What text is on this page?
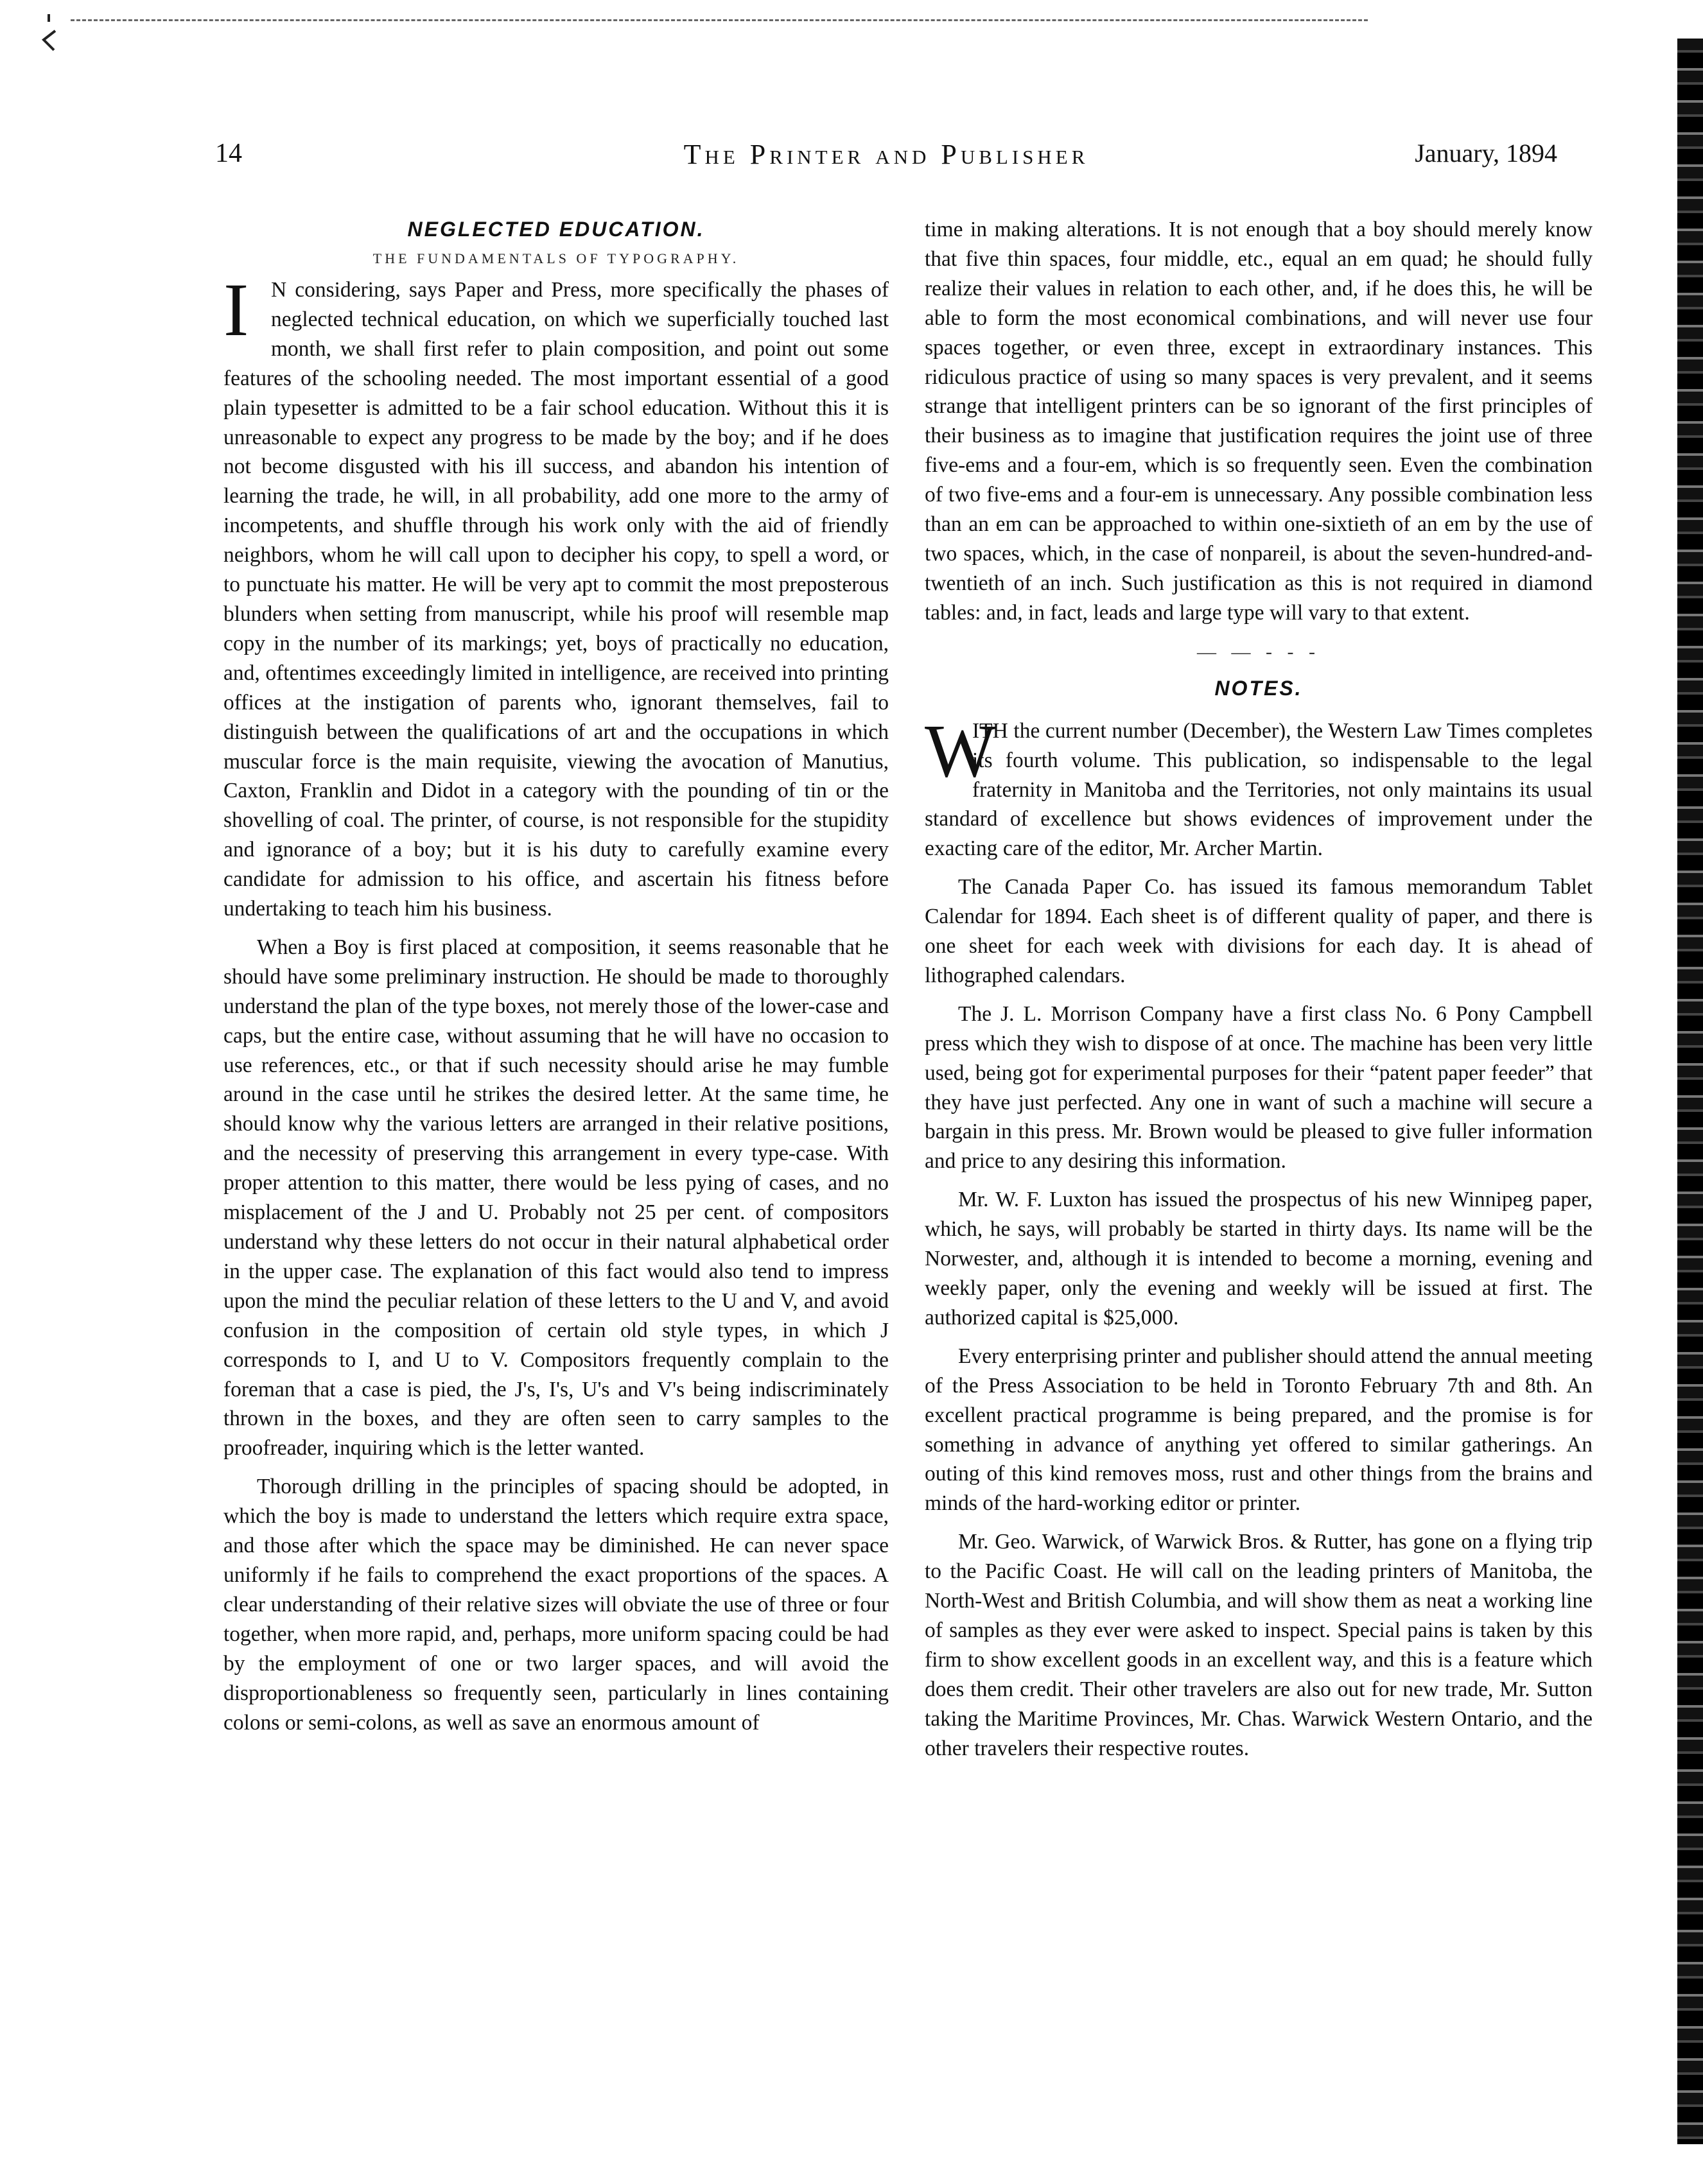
14	The Printer and Publisher	January, 1894
NEGLECTED EDUCATION.
THE FUNDAMENTALS OF TYPOGRAPHY.

I	N considering, says Paper and Press, more specifically the phases of neglected technical education, on which we superficially touched last month, we shall first refer to plain composition, and point out some features of the schooling needed. The most important essential of a good plain typesetter is admitted to be a fair school education. Without this it is unreasonable to expect any progress to be made by the boy; and if he does not become disgusted with his ill success, and abandon his intention of learning the trade, he will, in all probability, add one more to the army of incompetents, and shuffle through his work only with the aid of friendly neighbors, whom he will call upon to decipher his copy, to spell a word, or to punctuate his matter. He will be very apt to commit the most preposterous blunders when setting from manuscript, while his proof will resemble map copy in the number of its markings; yet, boys of practically no education, and, oftentimes exceedingly limited in intelligence, are received into printing offices at the instigation of parents who, ignorant themselves, fail to distinguish between the qualifications of art and the occupations in which muscular force is the main requisite, viewing the avocation of Manutius, Caxton, Franklin and Didot in a category with the pounding of tin or the shovelling of coal. The printer, of course, is not responsible for the stupidity and ignorance of a boy; but it is his duty to carefully examine every candidate for admission to his office, and ascertain his fitness before undertaking to teach him his business.

When a Boy is first placed at composition, it seems reasonable that he should have some preliminary instruction. He should be made to thoroughly understand the plan of the type boxes, not merely those of the lower-case and caps, but the entire case, without assuming that he will have no occasion to use references, etc., or that if such necessity should arise he may fumble around in the case until he strikes the desired letter. At the same time, he should know why the various letters are arranged in their relative positions, and the necessity of preserving this arrangement in every type-case. With proper attention to this matter, there would be less pying of cases, and no misplacement of the J and U. Probably not 25 per cent. of compositors understand why these letters do not occur in their natural alphabetical order in the upper case. The explanation of this fact would also tend to impress upon the mind the peculiar relation of these letters to the U and V, and avoid confusion in the composition of certain old style types, in which J corresponds to I, and U to V. Compositors frequently complain to the foreman that a case is pied, the J's, I's, U's and V's being indiscriminately thrown in the boxes, and they are often seen to carry samples to the proofreader, inquiring which is the letter wanted.

Thorough drilling in the principles of spacing should be adopted, in which the boy is made to understand the letters which require extra space, and those after which the space may be diminished. He can never space uniformly if he fails to comprehend the exact proportions of the spaces. A clear understanding of their relative sizes will obviate the use of three or four together, when more rapid, and, perhaps, more uniform spacing could be had by the employment of one or two larger spaces, and will avoid the disproportionableness so frequently seen, particularly in lines containing colons or semi-colons, as well as save an enormous amount of

time in making alterations. It is not enough that a boy should merely know that five thin spaces, four middle, etc., equal an em quad; he should fully realize their values in relation to each other, and, if he does this, he will be able to form the most economical combinations, and will never use four spaces together, or even three, except in extraordinary instances. This ridiculous practice of using so many spaces is very prevalent, and it seems strange that intelligent printers can be so ignorant of the first principles of their business as to imagine that justification requires the joint use of three five-ems and a four-em, which is so frequently seen. Even the combination of two five-ems and a four-em is unnecessary. Any possible combination less than an em can be approached to within one-sixtieth of an em by the use of two spaces, which, in the case of nonpareil, is about the seven-hundred-and-twentieth of an inch. Such justification as this is not required in diamond tables: and, in fact, leads and large type will vary to that extent.

— — - - -
NOTES.

W
ITH the current number (December), the Western Law Times completes its fourth volume. This publication, so indispensable to the legal fraternity in Manitoba and the Territories, not only maintains its usual standard of excellence but shows evidences of improvement under the exacting care of the editor, Mr. Archer Martin.

The Canada Paper Co. has issued its famous memorandum Tablet Calendar for 1894. Each sheet is of different quality of paper, and there is one sheet for each week with divisions for each day. It is ahead of lithographed calendars.

The J. L. Morrison Company have a first class No. 6 Pony Campbell press which they wish to dispose of at once. The machine has been very little used, being got for experimental purposes for their “patent paper feeder” that they have just perfected. Any one in want of such a machine will secure a bargain in this press. Mr. Brown would be pleased to give fuller information and price to any desiring this information.

Mr. W. F. Luxton has issued the prospectus of his new Winnipeg paper, which, he says, will probably be started in thirty days. Its name will be the Norwester, and, although it is intended to become a morning, evening and weekly paper, only the evening and weekly will be issued at first. The authorized capital is $25,000.

Every enterprising printer and publisher should attend the annual meeting of the Press Association to be held in Toronto February 7th and 8th. An excellent practical programme is being prepared, and the promise is for something in advance of anything yet offered to similar gatherings. An outing of this kind removes moss, rust and other things from the brains and minds of the hard-working editor or printer.

Mr. Geo. Warwick, of Warwick Bros. & Rutter, has gone on a flying trip to the Pacific Coast. He will call on the leading printers of Manitoba, the North-West and British Columbia, and will show them as neat a working line of samples as they ever were asked to inspect. Special pains is taken by this firm to show excellent goods in an excellent way, and this is a feature which does them credit. Their other travelers are also out for new trade, Mr. Sutton taking the Maritime Provinces, Mr. Chas. Warwick Western Ontario, and the other travelers their respective routes.
